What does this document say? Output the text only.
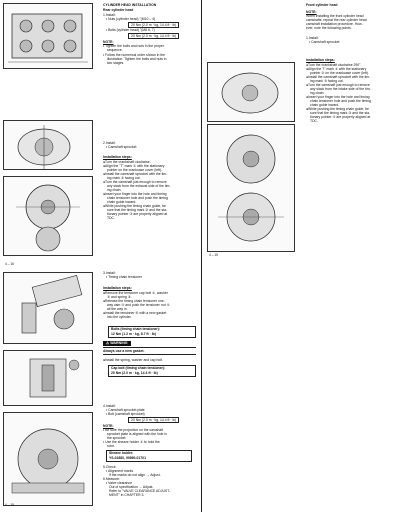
4 – 16
4 – 15
CYLINDER HEAD INSTALLATION
Rear cylinder head
1.Install:
• Nuts (cylinder head) "(M10 – 4)
20 Nm (2.0 m · kg, 14.4 ft · lb)
• Bolts (cylinder head) "(M8 6, 7)
20 Nm (2.0 m · kg, 14.4 ft · lb)
NOTE:
• Tighten the bolts and nuts in the proper
sequence.
• Follow the numerical order shown in the
illustration. Tighten the bolts and nuts in
two stages.
2.Install:
• Camshaft sprocket
Installation steps:
●Turn the crankshaft clockwise.
●Align the "T" mark ① with the stationary
pointer on the crankcase cover (left).
●Install the camshaft sprocket with the tim-
ing mark ② facing out.
●Turn the camshaft just enough to remove
any slack from the exhaust side of the tim-
ing chain.
●Insert your finger into the hole and timing
chain tensioner hole and push the timing
chain guide inward.
●While pushing the timing chain guide, be
sure that the timing mark ② and the sta-
tionary pointer ③ are properly aligned at
TDC.
3.Install:
• Timing chain tensioner
Installation steps:
●Remove the tensioner cap bolt ①, washer
② and spring ③.
●Release the timing chain tensioner one-
way cam ④ and push the tensioner rod ⑤
all the way in.
●Install the tensioner ⑥ with a new gasket
into the cylinder.
Bolts (timing chain tensioner):
12 Nm (1.2 m · kg, 8.7 ft · lb)
⚠ WARNING
Always use a new gasket.
●Install the spring, washer and cap bolt.
Cap bolt (timing chain tensioner):
20 Nm (2.0 m · kg, 14.4 ft · lb)
4.Install:
• Camshaft sprocket plate
• Bolt (camshaft sprocket)
20 Nm (2.0 m · kg, 14.4 ft · lb)
NOTE:
• Be sure the projection on the camshaft
sprocket plate is aligned with the hole in
the sprocket.
• Use the sheave holder ① to hold the
rotor.
Sheave holder:
YS-01880, 90890-01701
5.Check:
• Alignment marks
If the marks do not align → Adjust.
6.Measure:
• Valve clearance
Out of specification → Adjust.
Refer to "VALVE CLEARANCE ADJUST-
MENT" in CHAPTER 3.
4 – 15
Front cylinder head
NOTE:
When installing the front cylinder head
camshafts, repeat the rear cylinder head
camshaft installation procedure. How-
ever, note the following points.
1.Install:
• Camshaft sprocket
Installation steps:
●Turn the crankshaft clockwise 290°.
●Align the "I" mark ① with the stationary
pointer ② on the crankcase cover (left).
●Install the camshaft sprocket with the tim-
ing mark ③ facing out.
●Turn the camshaft just enough to remove
any slack from the intake side of the tim-
ing chain.
●Insert your finger into the hole and timing
chain tensioner hole and push the timing
chain guide inward.
●While pushing the timing chain guide, be
sure that the timing mark ③ and the sta-
tionary pointer ④ are properly aligned at
TDC.
